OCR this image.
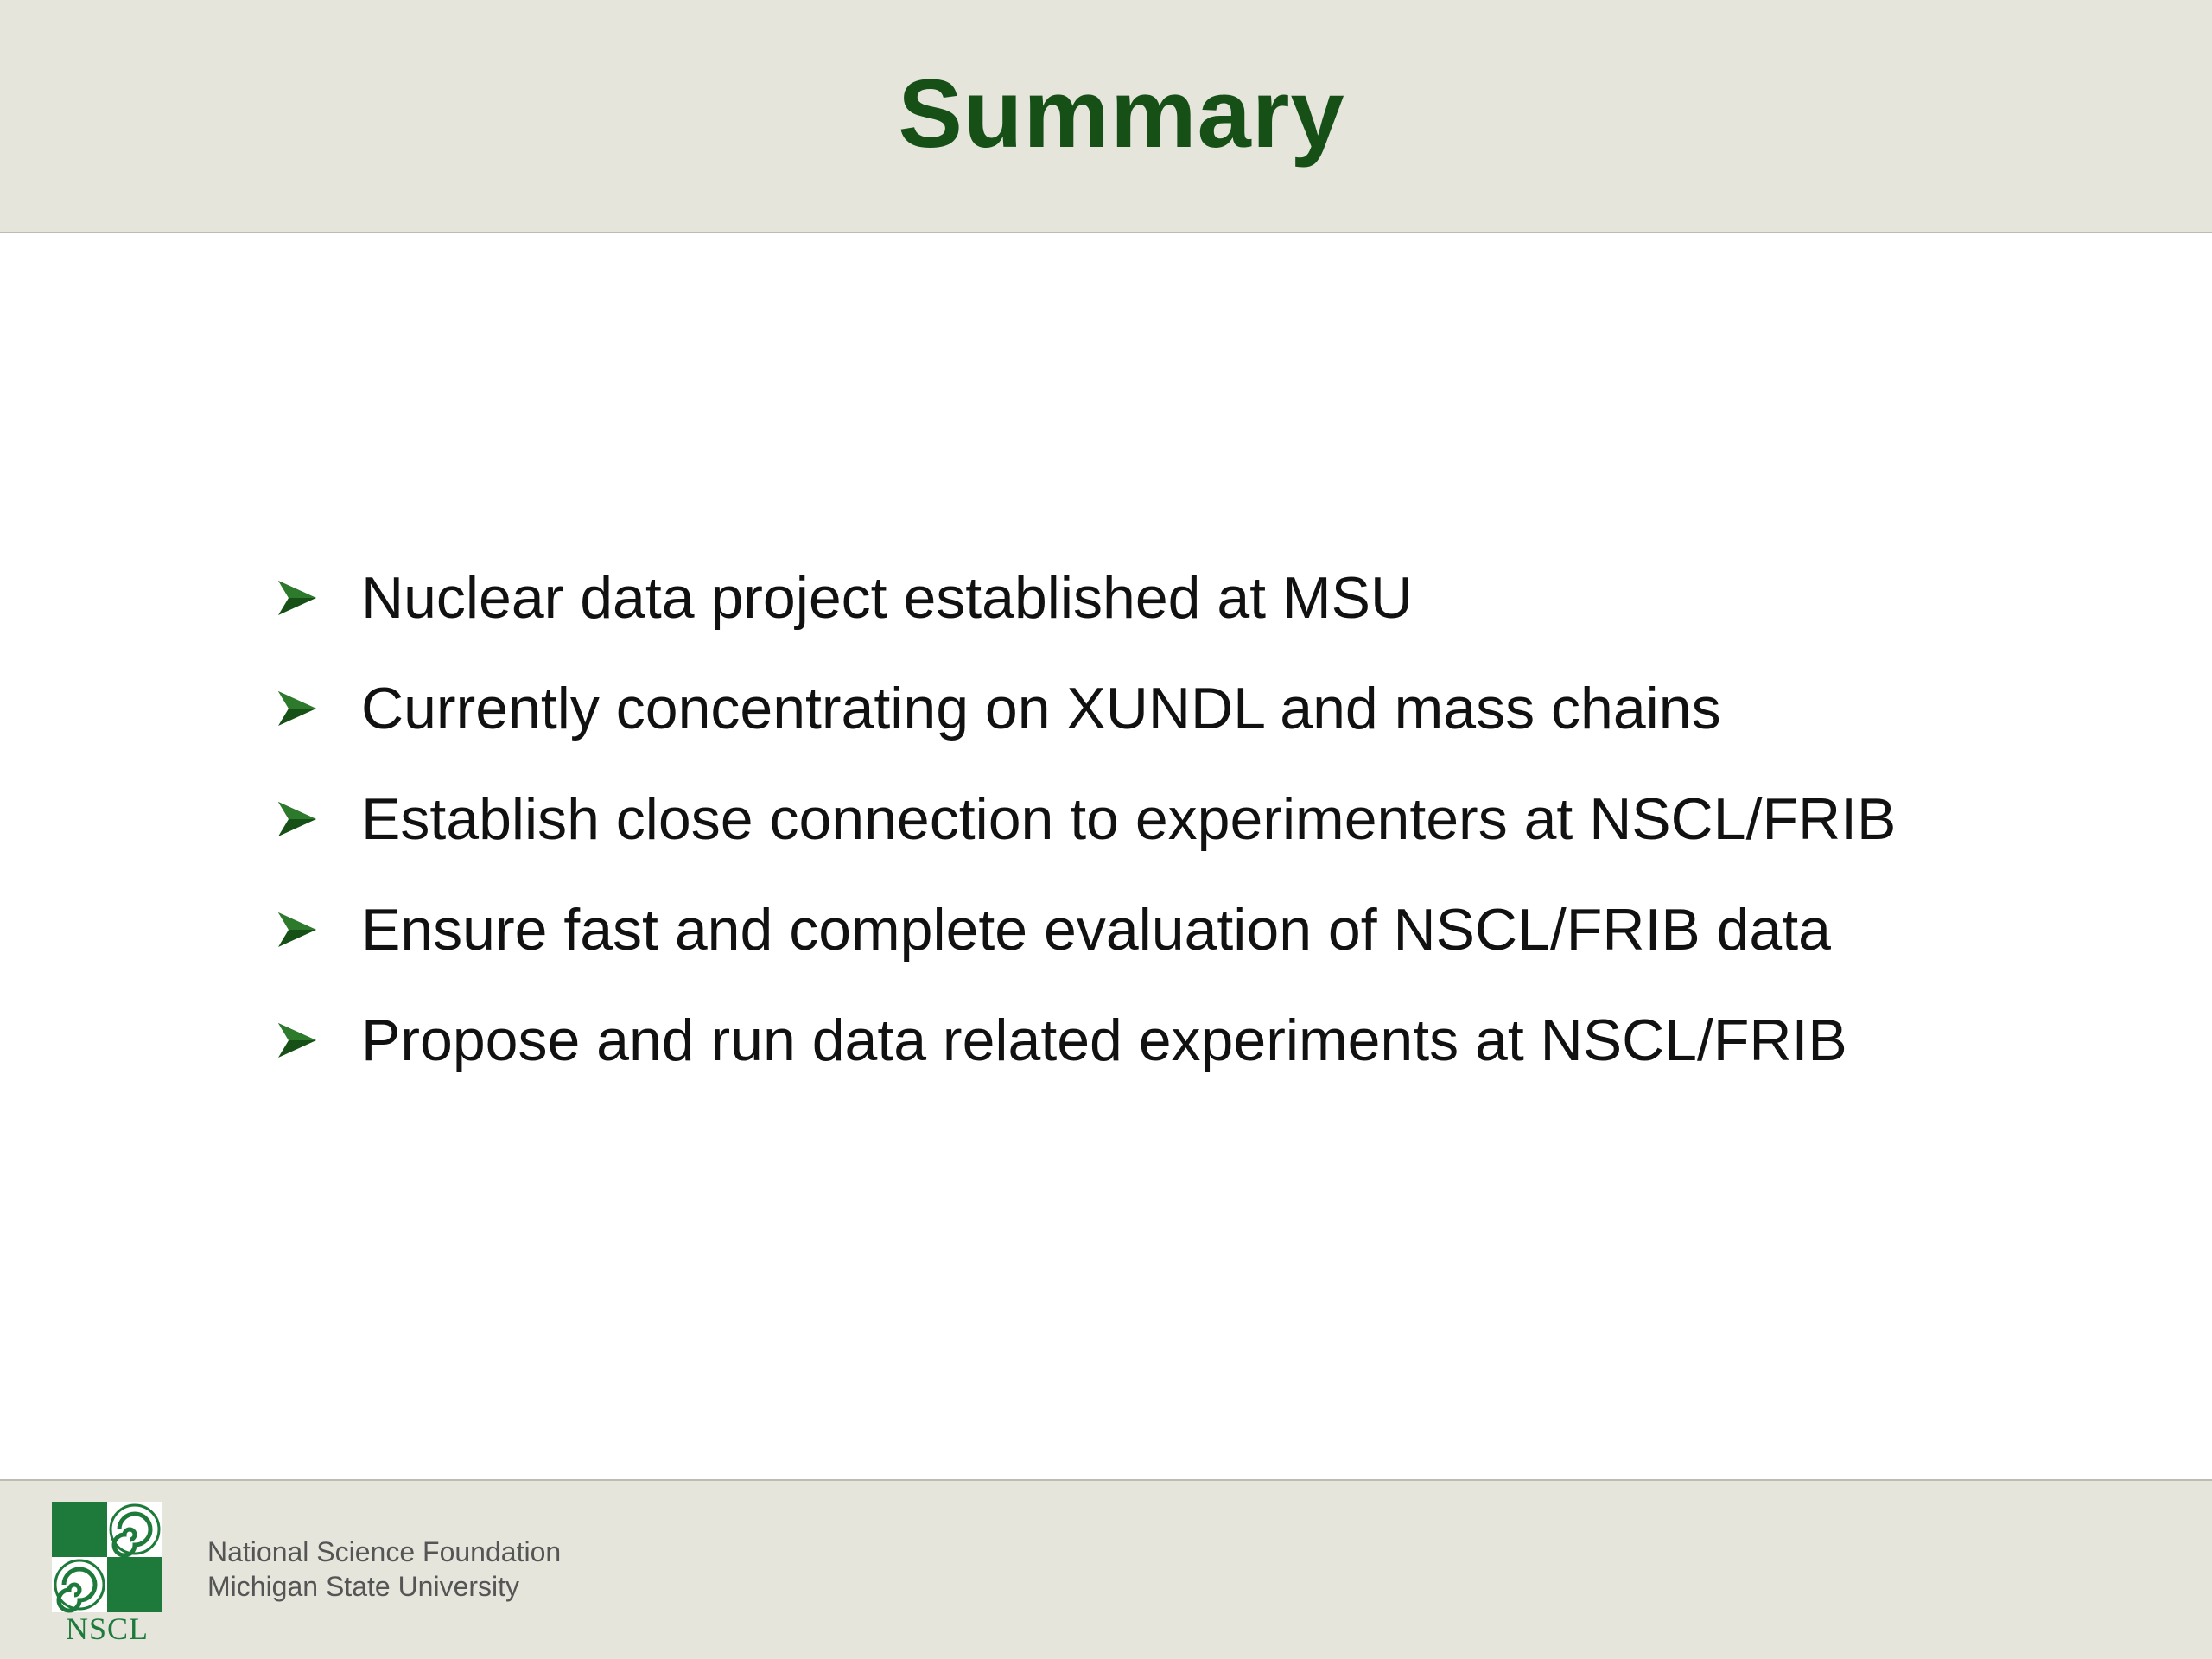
Summary
Nuclear data project established at MSU
Currently concentrating on XUNDL and mass chains
Establish close connection to experimenters at NSCL/FRIB
Ensure fast and complete evaluation of NSCL/FRIB data
Propose and run data related experiments at NSCL/FRIB
NSCL
National Science Foundation
Michigan State University
